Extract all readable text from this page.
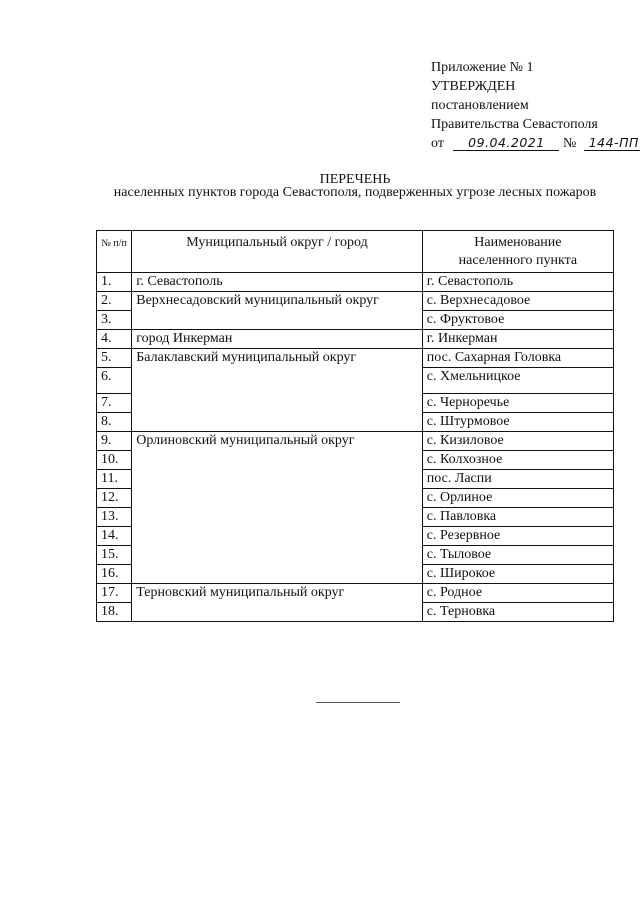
Приложение № 1
УТВЕРЖДЕН
постановлением
Правительства Севастополя
от 09.04.2021 № 144-ПП
ПЕРЕЧЕНЬ
населенных пунктов города Севастополя, подверженных угрозе лесных пожаров
№ п/п	Муниципальный округ / город	Наименование населенного пункта
1.	г. Севастополь	г. Севастополь
2.	Верхнесадовский муниципальный округ	с. Верхнесадовое
3.		с. Фруктовое
4.	город Инкерман	г. Инкерман
5.	Балаклавский муниципальный округ	пос. Сахарная Головка
6.		с. Хмельницкое
7.		с. Черноречье
8.		с. Штурмовое
9.	Орлиновский муниципальный округ	с. Кизиловое
10.		с. Колхозное
11.		пос. Ласпи
12.		с. Орлиное
13.		с. Павловка
14.		с. Резервное
15.		с. Тыловое
16.		с. Широкое
17.	Терновский муниципальный округ	с. Родное
18.		с. Терновка
